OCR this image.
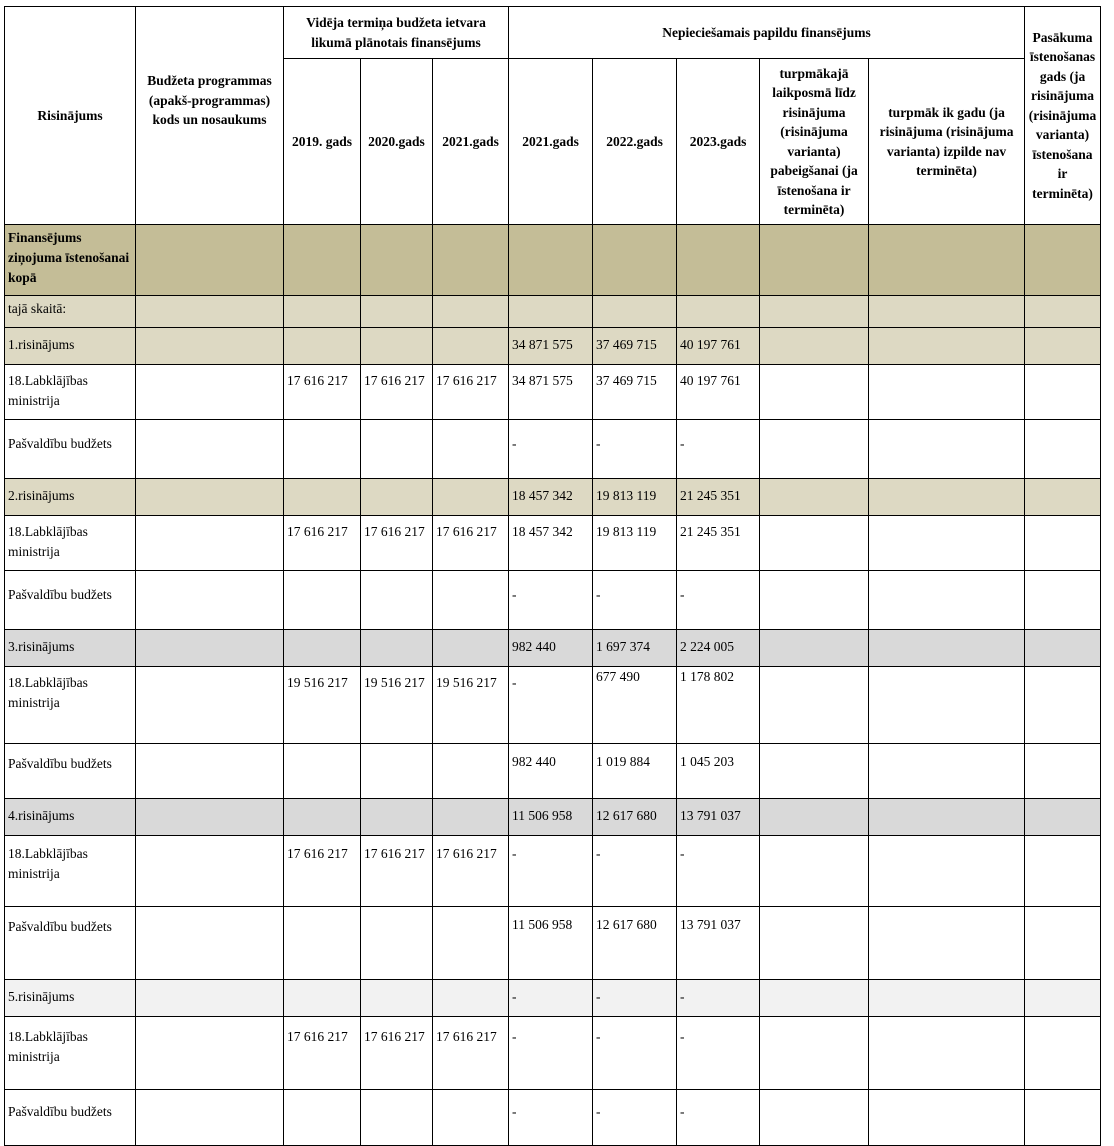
Risinājums	Budžeta programmas (apakš-programmas) kods un nosaukums	Vidēja termiņa budžeta ietvara likumā plānotais finansējums			Nepieciešamais papildu finansējums					Pasākuma īstenošanas gads (ja risinājuma (risinājuma varianta) īstenošana ir terminēta)
		2019. gads	2020.gads	2021.gads	2021.gads	2022.gads	2023.gads	turpmākajā laikposmā līdz risinājuma (risinājuma varianta) pabeigšanai (ja īstenošana ir terminēta)	turpmāk ik gadu (ja risinājuma (risinājuma varianta) izpilde nav terminēta)	
Finansējums ziņojuma īstenošanai kopā										
tajā skaitā:										
1.risinājums					34 871 575	37 469 715	40 197 761			
18.Labklājības ministrija		17 616 217	17 616 217	17 616 217	34 871 575	37 469 715	40 197 761			
Pašvaldību budžets					-	-	-			
2.risinājums					18 457 342	19 813 119	21 245 351			
18.Labklājības ministrija		17 616 217	17 616 217	17 616 217	18 457 342	19 813 119	21 245 351			
Pašvaldību budžets					-	-	-			
3.risinājums					982 440	1 697 374	2 224 005			
18.Labklājības ministrija		19 516 217	19 516 217	19 516 217	-	677 490	1 178 802			
Pašvaldību budžets					982 440	1 019 884	1 045 203			
4.risinājums					11 506 958	12 617 680	13 791 037			
18.Labklājības ministrija		17 616 217	17 616 217	17 616 217	-	-	-			
Pašvaldību budžets					11 506 958	12 617 680	13 791 037			
5.risinājums					-	-	-			
18.Labklājības ministrija		17 616 217	17 616 217	17 616 217	-	-	-			
Pašvaldību budžets					-	-	-			
